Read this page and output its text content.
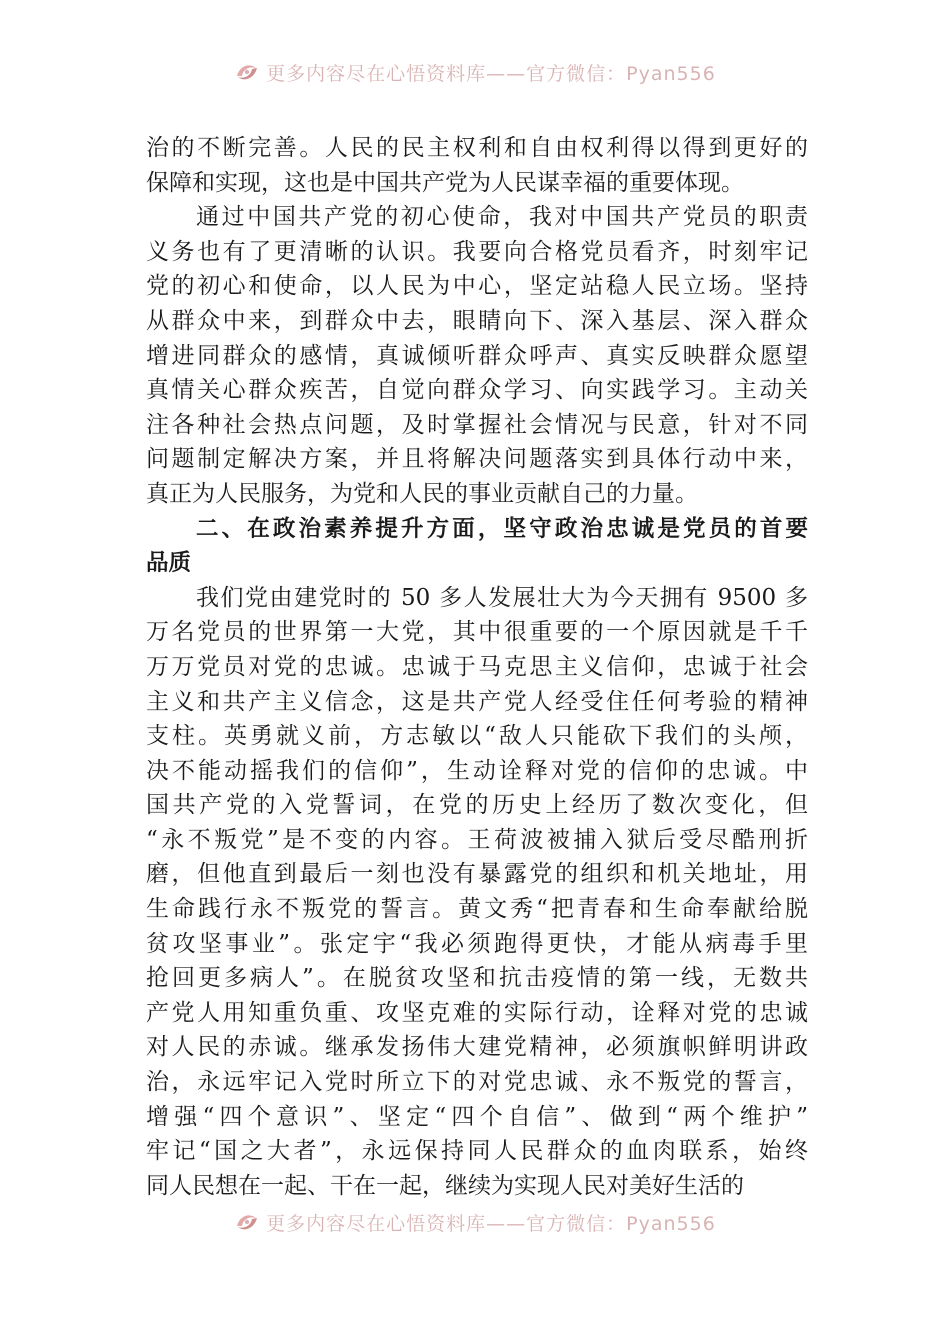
更多内容尽在心悟资料库——官方微信：Pyan556
治的不断完善。人民的民主权利和自由权利得以得到更好的
保障和实现，这也是中国共产党为人民谋幸福的重要体现。
通过中国共产党的初心使命，我对中国共产党员的职责
义务也有了更清晰的认识。我要向合格党员看齐，时刻牢记
党的初心和使命，以人民为中心，坚定站稳人民立场。坚持
从群众中来，到群众中去，眼睛向下、深入基层、深入群众
增进同群众的感情，真诚倾听群众呼声、真实反映群众愿望
真情关心群众疾苦，自觉向群众学习、向实践学习。主动关
注各种社会热点问题，及时掌握社会情况与民意，针对不同
问题制定解决方案，并且将解决问题落实到具体行动中来，
真正为人民服务，为党和人民的事业贡献自己的力量。
二、在政治素养提升方面，坚守政治忠诚是党员的首要
品质
我们党由建党时的 50 多人发展壮大为今天拥有 9500 多
万名党员的世界第一大党，其中很重要的一个原因就是千千
万万党员对党的忠诚。忠诚于马克思主义信仰，忠诚于社会
主义和共产主义信念，这是共产党人经受住任何考验的精神
支柱。英勇就义前，方志敏以“敌人只能砍下我们的头颅，
决不能动摇我们的信仰”，生动诠释对党的信仰的忠诚。中
国共产党的入党誓词，在党的历史上经历了数次变化，但
“永不叛党”是不变的内容。王荷波被捕入狱后受尽酷刑折
磨，但他直到最后一刻也没有暴露党的组织和机关地址，用
生命践行永不叛党的誓言。黄文秀“把青春和生命奉献给脱
贫攻坚事业”。张定宇“我必须跑得更快，才能从病毒手里
抢回更多病人”。在脱贫攻坚和抗击疫情的第一线，无数共
产党人用知重负重、攻坚克难的实际行动，诠释对党的忠诚
对人民的赤诚。继承发扬伟大建党精神，必须旗帜鲜明讲政
治，永远牢记入党时所立下的对党忠诚、永不叛党的誓言，
增强“四个意识”、坚定“四个自信”、做到“两个维护”
牢记“国之大者”，永远保持同人民群众的血肉联系，始终
同人民想在一起、干在一起，继续为实现人民对美好生活的
更多内容尽在心悟资料库——官方微信：Pyan556
